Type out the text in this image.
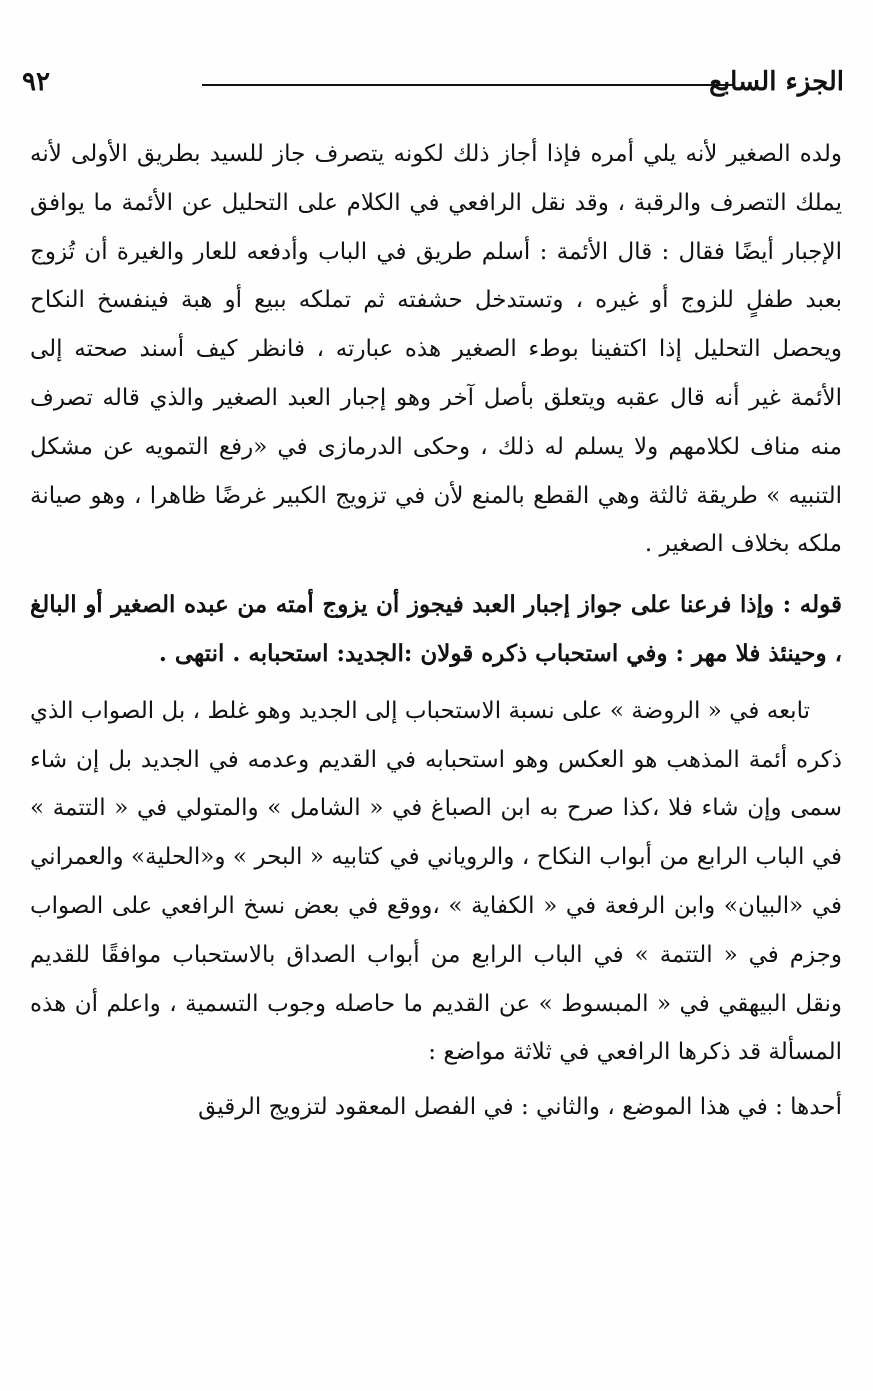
الجزء السابع
٩٢

ولده الصغير لأنه يلي أمره فإذا أجاز ذلك لكونه يتصرف جاز للسيد بطريق الأولى لأنه يملك التصرف والرقبة ، وقد نقل الرافعي في الكلام على التحليل عن الأئمة ما يوافق الإجبار أيضًا فقال : قال الأئمة : أسلم طريق في الباب وأدفعه للعار والغيرة أن تُزوج بعبد طفلٍ للزوج أو غيره ، وتستدخل حشفته ثم تملكه ببيع أو هبة فينفسخ النكاح ويحصل التحليل إذا اكتفينا بوطء الصغير هذه عبارته ، فانظر كيف أسند صحته إلى الأئمة غير أنه قال عقبه ويتعلق بأصل آخر وهو إجبار العبد الصغير والذي قاله تصرف منه مناف لكلامهم ولا يسلم له ذلك ، وحكى الدرمازى في «رفع التمويه عن مشكل التنبيه » طريقة ثالثة وهي القطع بالمنع لأن في تزويج الكبير غرضًا ظاهرا ، وهو صيانة ملكه بخلاف الصغير .

قوله : وإذا فرعنا على جواز إجبار العبد فيجوز أن يزوج أمته من عبده الصغير أو البالغ ، وحينئذ فلا مهر : وفي استحباب ذكره قولان :الجديد: استحبابه . انتهى .

تابعه في « الروضة » على نسبة الاستحباب إلى الجديد وهو غلط ، بل الصواب الذي ذكره أئمة المذهب هو العكس وهو استحبابه في القديم وعدمه في الجديد بل إن شاء سمى وإن شاء فلا ،كذا صرح به ابن الصباغ في « الشامل » والمتولي في « التتمة » في الباب الرابع من أبواب النكاح ، والروياني في كتابيه « البحر » و«الحلية» والعمراني في «البيان» وابن الرفعة في « الكفاية » ،ووقع في بعض نسخ الرافعي على الصواب وجزم في « التتمة » في الباب الرابع من أبواب الصداق بالاستحباب موافقًا للقديم ونقل البيهقي في « المبسوط » عن القديم ما حاصله وجوب التسمية ، واعلم أن هذه المسألة قد ذكرها الرافعي في ثلاثة مواضع :

أحدها : في هذا الموضع ، والثاني : في الفصل المعقود لتزويج الرقيق
